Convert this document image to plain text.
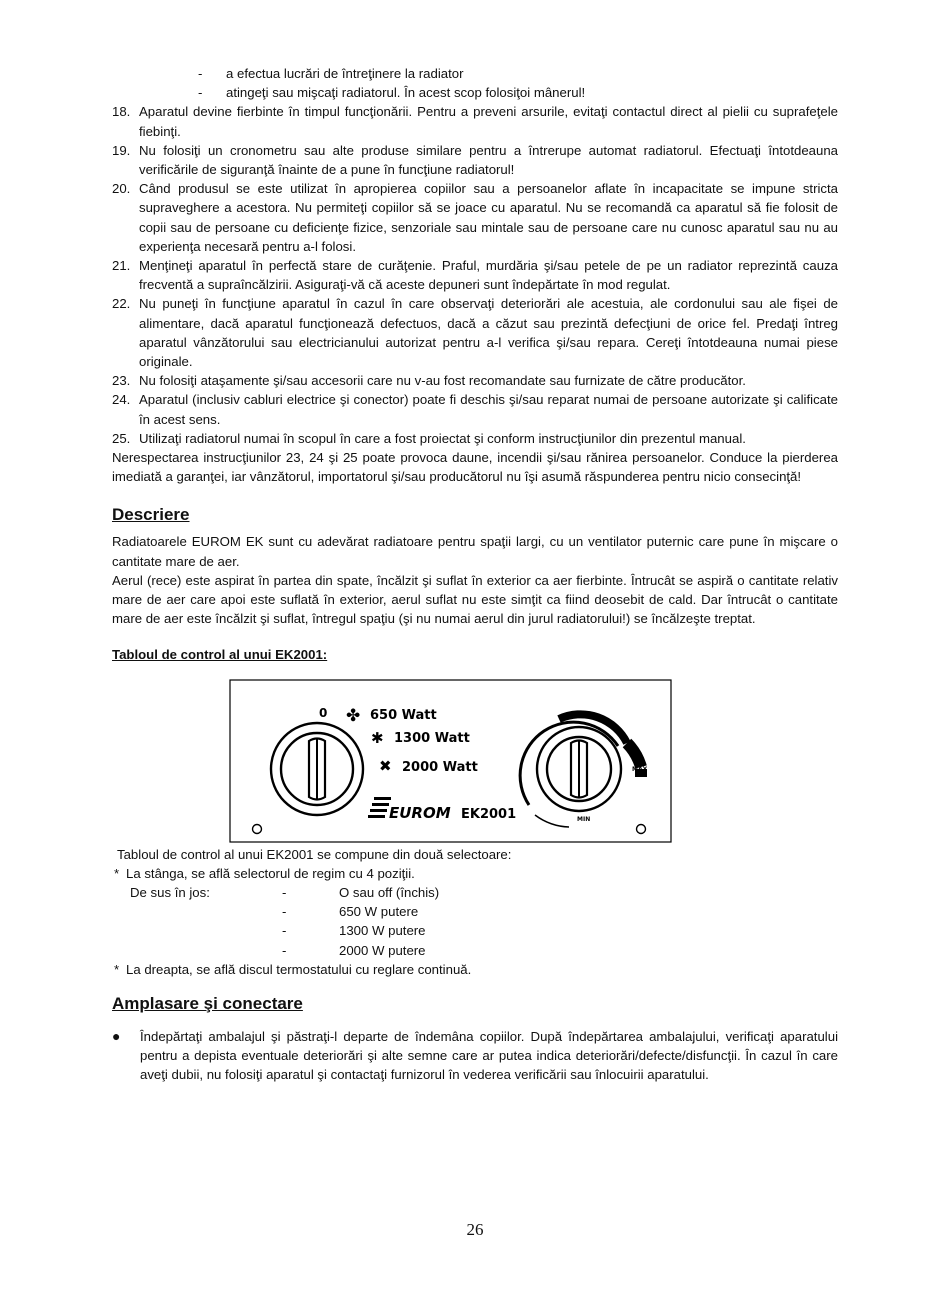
- a efectua lucrări de întreţinere la radiator
- atingeţi sau mişcaţi radiatorul. În acest scop folosiţoi mânerul!
18. Aparatul devine fierbinte în timpul funcţionării. Pentru a preveni arsurile, evitaţi contactul direct al pielii cu suprafeţele fiebinţi.
19. Nu folosiţi un cronometru sau alte produse similare pentru a întrerupe automat radiatorul. Efectuaţi întotdeauna verificările de siguranţă înainte de a pune în funcţiune radiatorul!
20. Când produsul se este utilizat în apropierea copiilor sau a persoanelor aflate în incapacitate se impune stricta supraveghere a acestora. Nu permiteţi copiilor să se joace cu aparatul. Nu se recomandă ca aparatul să fie folosit de copii sau de persoane cu deficienţe fizice, senzoriale sau mintale sau de persoane care nu cunosc aparatul sau nu au experienţa necesară pentru a-l folosi.
21. Menţineţi aparatul în perfectă stare de curăţenie. Praful, murdăria şi/sau petele de pe un radiator reprezintă cauza frecventă a supraîncălzirii. Asiguraţi-vă că aceste depuneri sunt îndepărtate în mod regulat.
22. Nu puneţi în funcţiune aparatul în cazul în care observaţi deteriorări ale acestuia, ale cordonului sau ale fişei de alimentare, dacă aparatul funcţionează defectuos, dacă a căzut sau prezintă defecţiuni de orice fel. Predaţi întreg aparatul vânzătorului sau electricianului autorizat pentru a-l verifica şi/sau repara. Cereţi întotdeauna numai piese originale.
23. Nu folosiţi ataşamente şi/sau accesorii care nu v-au fost recomandate sau furnizate de către producător.
24. Aparatul (inclusiv cabluri electrice şi conector) poate fi deschis şi/sau reparat numai de persoane autorizate şi calificate în acest sens.
25. Utilizaţi radiatorul numai în scopul în care a fost proiectat şi conform instrucţiunilor din prezentul manual.
Nerespectarea instrucţiunilor 23, 24 şi 25 poate provoca daune, incendii şi/sau rănirea persoanelor. Conduce la pierderea imediată a garanţei, iar vânzătorul, importatorul şi/sau producătorul nu îşi asumă răspunderea pentru nicio consecinţă!
Descriere
Radiatoarele EUROM EK sunt cu adevărat radiatoare pentru spaţii largi, cu un ventilator puternic care pune în mişcare o cantitate mare de aer.
Aerul (rece) este aspirat în partea din spate, încălzit şi suflat în exterior ca aer fierbinte. Întrucât se aspiră o cantitate relativ mare de aer care apoi este suflată în exterior, aerul suflat nu este simţit ca fiind deosebit de cald. Dar întrucât o cantitate mare de aer este încălzit şi suflat, întregul spaţiu (şi nu numai aerul din jurul radiatorului!) se încălzeşte treptat.
Tabloul de control al unui EK2001:
0 ✤ 650 Watt
✱ 1300 Watt
✖ 2000 Watt
EUROM EK2001
MAX
MIN
Tabloul de control al unui EK2001 se compune din două selectoare:
* La stânga, se află selectorul de regim cu 4 poziţii.
De sus în jos:	-	O sau off (închis)
-	650 W putere
-	1300 W putere
-	2000 W putere
* La dreapta, se află discul termostatului cu reglare continuă.
Amplasare şi conectare
● Îndepărtaţi ambalajul şi păstraţi-l departe de îndemâna copiilor. După îndepărtarea ambalajului, verificaţi aparatului pentru a depista eventuale deteriorări şi alte semne care ar putea indica deteriorări/defecte/disfuncţii. În cazul în care aveţi dubii, nu folosiţi aparatul şi contactaţi furnizorul în vederea verificării sau înlocuirii aparatului.
26
